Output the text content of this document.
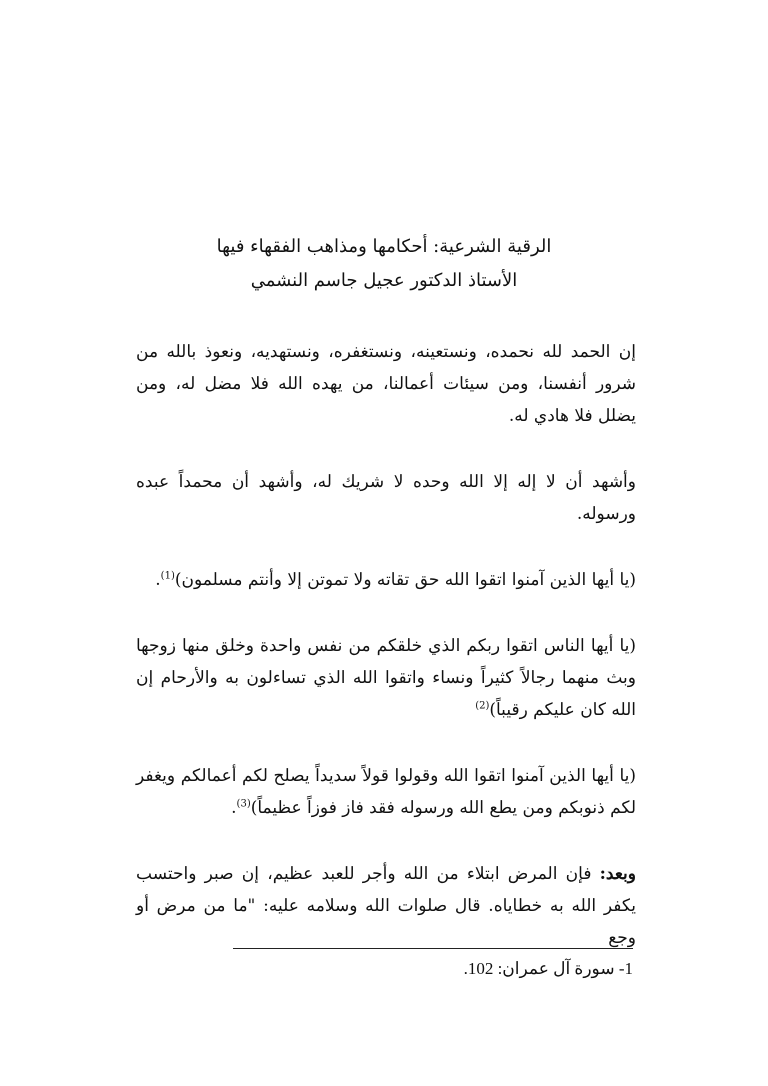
الرقية الشرعية: أحكامها ومذاهب الفقهاء فيها
الأستاذ الدكتور عجيل جاسم النشمي

إن الحمد لله نحمده، ونستعينه، ونستغفره، ونستهديه، ونعوذ بالله من شرور أنفسنا، ومن سيئات أعمالنا، من يهده الله فلا مضل له، ومن يضلل فلا هادي له.

وأشهد أن لا إله إلا الله وحده لا شريك له، وأشهد أن محمداً عبده ورسوله.

(يا أيها الذين آمنوا اتقوا الله حق تقاته ولا تموتن إلا وأنتم مسلمون)$^{(1)}$.

(يا أيها الناس اتقوا ربكم الذي خلقكم من نفس واحدة وخلق منها زوجها وبث منهما رجالاً كثيراً ونساء واتقوا الله الذي تساءلون به والأرحام إن الله كان عليكم رقيباً)$^{(2)}$

(يا أيها الذين آمنوا اتقوا الله وقولوا قولاً سديداً يصلح لكم أعمالكم ويغفر لكم ذنوبكم ومن يطع الله ورسوله فقد فاز فوزاً عظيماً)$^{(3)}$.

وبعد: فإن المرض ابتلاء من الله وأجر للعبد عظيم، إن صبر واحتسب يكفر الله به خطاياه. قال صلوات الله وسلامه عليه: "ما من مرض أو وجع

1- سورة آل عمران: 102.
